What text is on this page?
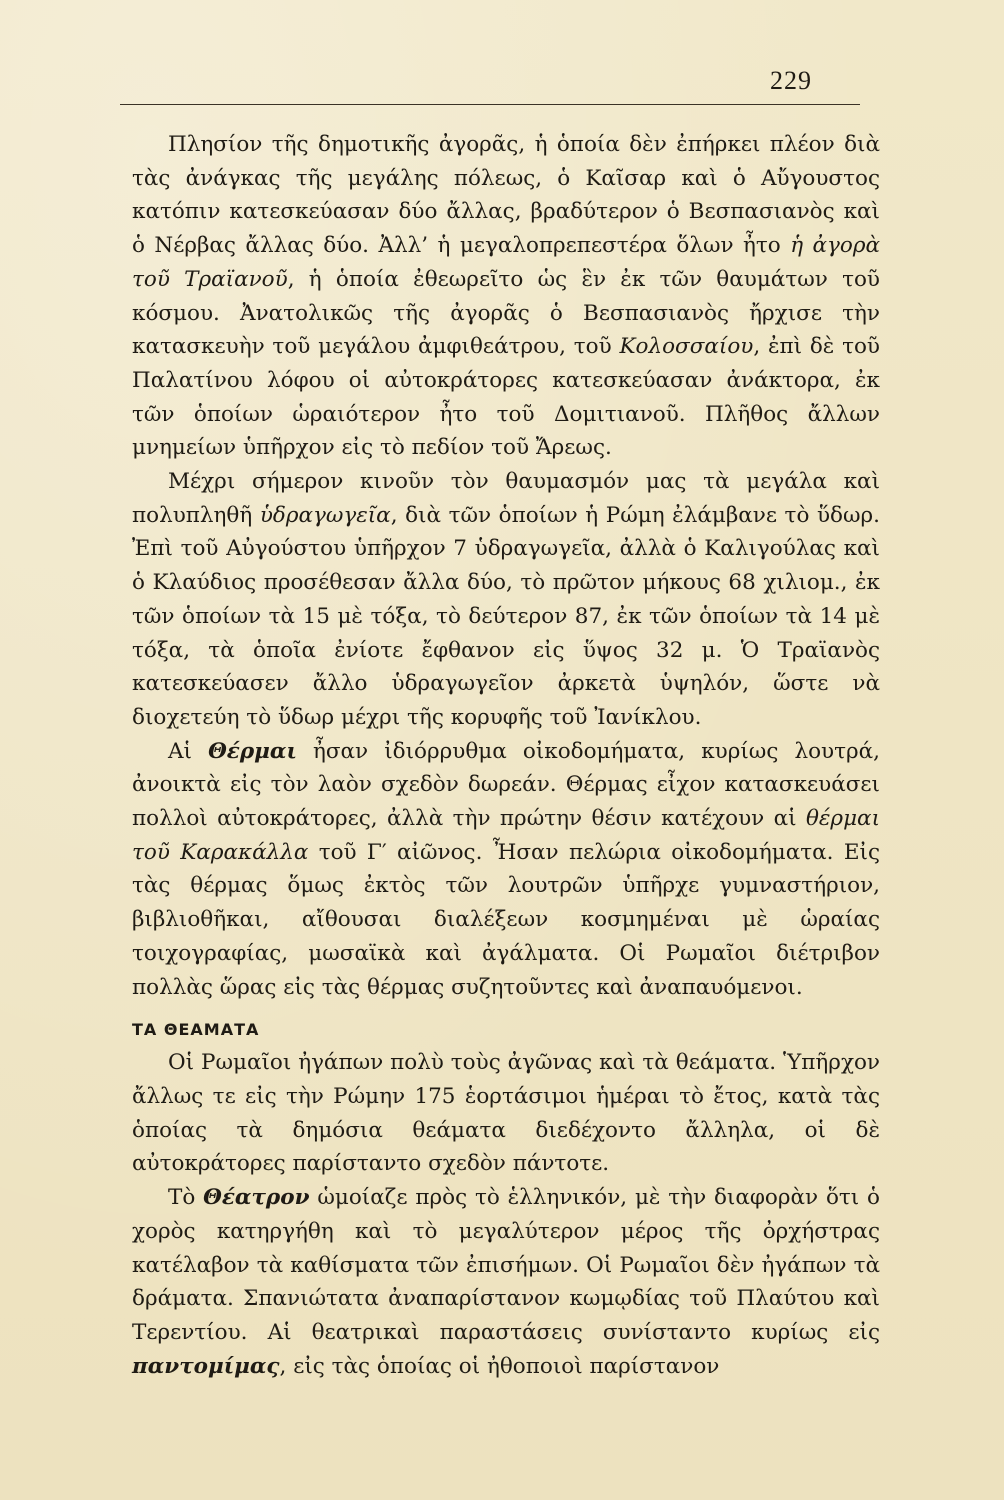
229

Πλησίον τῆς δημοτικῆς ἀγορᾶς, ἡ ὁποία δὲν ἐπήρκει πλέον διὰ τὰς ἀνάγκας τῆς μεγάλης πόλεως, ὁ Καῖσαρ καὶ ὁ Αὔγουστος κατόπιν κατεσκεύασαν δύο ἄλλας, βραδύτερον ὁ Βεσπασιανὸς καὶ ὁ Νέρβας ἄλλας δύο. Ἀλλ’ ἡ μεγαλοπρεπεστέρα ὅλων ἦτο ἡ ἀγορὰ τοῦ Τραϊανοῦ, ἡ ὁποία ἐθεωρεῖτο ὡς ἓν ἐκ τῶν θαυμάτων τοῦ κόσμου. Ἀνατολικῶς τῆς ἀγορᾶς ὁ Βεσπασιανὸς ἤρχισε τὴν κατασκευὴν τοῦ μεγάλου ἀμφιθεάτρου, τοῦ Κολοσσαίου, ἐπὶ δὲ τοῦ Παλατίνου λόφου οἱ αὐτοκράτορες κατεσκεύασαν ἀνάκτορα, ἐκ τῶν ὁποίων ὡραιότερον ἦτο τοῦ Δομιτιανοῦ. Πλῆθος ἄλλων μνημείων ὑπῆρχον εἰς τὸ πεδίον τοῦ Ἄρεως.

Μέχρι σήμερον κινοῦν τὸν θαυμασμόν μας τὰ μεγάλα καὶ πολυπληθῆ ὑδραγωγεῖα, διὰ τῶν ὁποίων ἡ Ρώμη ἐλάμβανε τὸ ὕδωρ. Ἐπὶ τοῦ Αὐγούστου ὑπῆρχον 7 ὑδραγωγεῖα, ἀλλὰ ὁ Καλιγούλας καὶ ὁ Κλαύδιος προσέθεσαν ἄλλα δύο, τὸ πρῶτον μήκους 68 χιλιομ., ἐκ τῶν ὁποίων τὰ 15 μὲ τόξα, τὸ δεύτερον 87, ἐκ τῶν ὁποίων τὰ 14 μὲ τόξα, τὰ ὁποῖα ἐνίοτε ἔφθανον εἰς ὕψος 32 μ. Ὁ Τραϊανὸς κατεσκεύασεν ἄλλο ὑδραγωγεῖον ἀρκετὰ ὑψηλόν, ὥστε νὰ διοχετεύη τὸ ὕδωρ μέχρι τῆς κορυφῆς τοῦ Ἰανίκλου.

Αἱ Θέρμαι ἦσαν ἰδιόρρυθμα οἰκοδομήματα, κυρίως λουτρά, ἀνοικτὰ εἰς τὸν λαὸν σχεδὸν δωρεάν. Θέρμας εἶχον κατασκευάσει πολλοὶ αὐτοκράτορες, ἀλλὰ τὴν πρώτην θέσιν κατέχουν αἱ θέρμαι τοῦ Καρακάλλα τοῦ Γ′ αἰῶνος. Ἦσαν πελώρια οἰκοδομήματα. Εἰς τὰς θέρμας ὅμως ἐκτὸς τῶν λουτρῶν ὑπῆρχε γυμναστήριον, βιβλιοθῆκαι, αἴθουσαι διαλέξεων κοσμημέναι μὲ ὡραίας τοιχογραφίας, μωσαϊκὰ καὶ ἀγάλματα. Οἱ Ρωμαῖοι διέτριβον πολλὰς ὥρας εἰς τὰς θέρμας συζητοῦντες καὶ ἀναπαυόμενοι.

ΤΑ ΘΕΑΜΑΤΑ

Οἱ Ρωμαῖοι ἠγάπων πολὺ τοὺς ἀγῶνας καὶ τὰ θεάματα. Ὑπῆρχον ἄλλως τε εἰς τὴν Ρώμην 175 ἑορτάσιμοι ἡμέραι τὸ ἔτος, κατὰ τὰς ὁποίας τὰ δημόσια θεάματα διεδέχοντο ἄλληλα, οἱ δὲ αὐτοκράτορες παρίσταντο σχεδὸν πάντοτε.

Τὸ Θέατρον ὡμοίαζε πρὸς τὸ ἑλληνικόν, μὲ τὴν διαφορὰν ὅτι ὁ χορὸς κατηργήθη καὶ τὸ μεγαλύτερον μέρος τῆς ὀρχήστρας κατέλαβον τὰ καθίσματα τῶν ἐπισήμων. Οἱ Ρωμαῖοι δὲν ἠγάπων τὰ δράματα. Σπανιώτατα ἀναπαρίστανον κωμῳδίας τοῦ Πλαύτου καὶ Τερεντίου. Αἱ θεατρικαὶ παραστάσεις συνίσταντο κυρίως εἰς παντομίμας, εἰς τὰς ὁποίας οἱ ἠθοποιοὶ παρίστανον
